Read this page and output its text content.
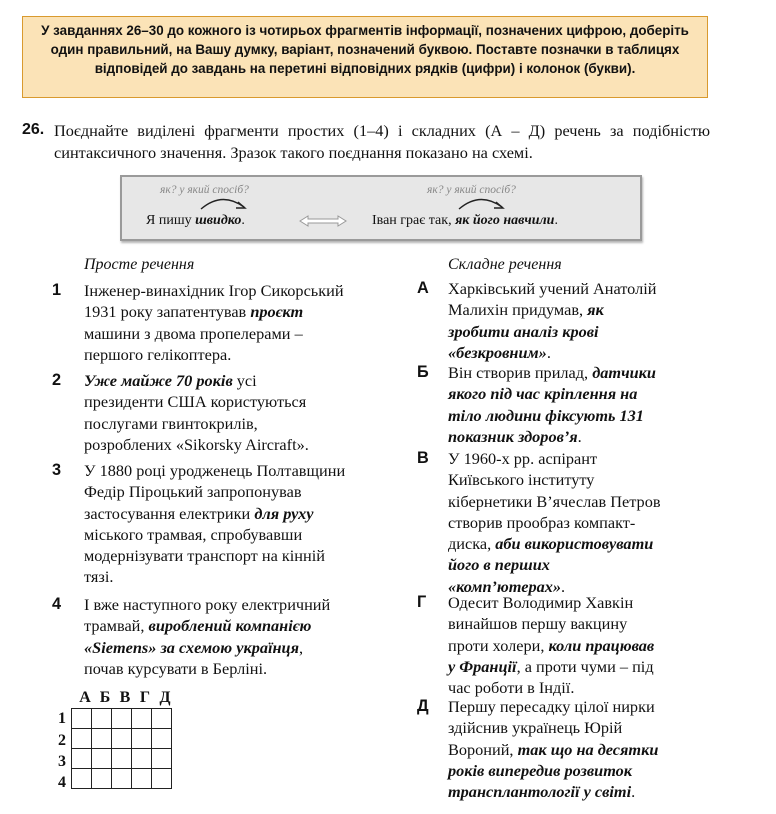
У завданнях 26–30 до кожного із чотирьох фрагментів інформації, позначених цифрою, доберіть один правильний, на Вашу думку, варіант, позначений буквою. Поставте позначки в таблицях відповідей до завдань на перетині відповідних рядків (цифри) і колонок (букви).
26. Поєднайте виділені фрагменти простих (1–4) і складних (А – Д) речень за подібністю синтаксичного значення. Зразок такого поєднання показано на схемі.
як? у який спосіб?
Я пишу швидко.
як? у який спосіб?
Іван грає так, як його навчили.
Просте речення	Складне речення
1 Інженер-винахідник Ігор Сикорський
1931 року запатентував проєкт
машини з двома пропелерами –
першого гелікоптера.
2 Уже майже 70 років усі
президенти США користуються
послугами гвинтокрилів,
розроблених «Sikorsky Aircraft».
3 У 1880 році уродженець Полтавщини
Федір Піроцький запропонував
застосування електрики для руху
міського трамвая, спробувавши
модернізувати транспорт на кінній
тязі.
4 І вже наступного року електричний
трамвай, вироблений компанією
«Siemens» за схемою українця,
почав курсувати в Берліні.
А Харківський учений Анатолій
Малихін придумав, як
зробити аналіз крові
«безкровним».
Б Він створив прилад, датчики
якого під час кріплення на
тіло людини фіксують 131
показник здоров’я.
В У 1960-х рр. аспірант
Київського інституту
кібернетики В’ячеслав Петров
створив прообраз компакт-
диска, аби використовувати
його в перших
«комп’ютерах».
Г Одесит Володимир Хавкін
винайшов першу вакцину
проти холери, коли працював
у Франції, а проти чуми – під
час роботи в Індії.
Д Першу пересадку цілої нирки
здійснив українець Юрій
Вороний, так що на десятки
років випередив розвиток
трансплантології у світі.
А Б В Г Д
1
2
3
4
